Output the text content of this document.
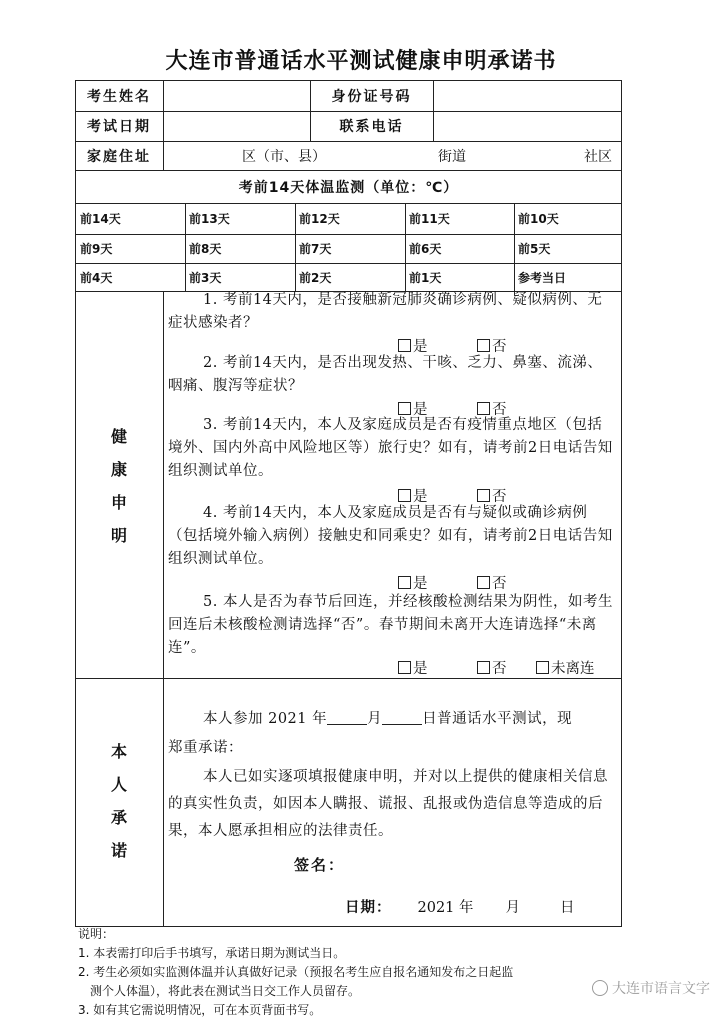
大连市普通话水平测试健康申明承诺书
考生姓名	身份证号码
考试日期	联系电话
家庭住址	区（市、县）	街道	社区
考前14天体温监测（单位：℃）
前14天	前13天	前12天	前11天	前10天
前9天	前8天	前7天	前6天	前5天
前4天	前3天	前2天	前1天	参考当日
健
康
申
明
1. 考前14天内，是否接触新冠肺炎确诊病例、疑似病例、无症状感染者？
是	否
2. 考前14天内，是否出现发热、干咳、乏力、鼻塞、流涕、咽痛、腹泻等症状？
是	否
3. 考前14天内，本人及家庭成员是否有疫情重点地区（包括境外、国内外高中风险地区等）旅行史？如有，请考前2日电话告知组织测试单位。
是	否
4. 考前14天内，本人及家庭成员是否有与疑似或确诊病例（包括境外输入病例）接触史和同乘史？如有，请考前2日电话告知组织测试单位。
是	否
5. 本人是否为春节后回连，并经核酸检测结果为阴性，如考生回连后未核酸检测请选择“否”。春节期间未离开大连请选择“未离连”。
是	否	未离连
本
人
承
诺
本人参加 2021 年	月	日普通话水平测试，现
郑重承诺：
本人已如实逐项填报健康申明，并对以上提供的健康相关信息的真实性负责，如因本人瞒报、谎报、乱报或伪造信息等造成的后果，本人愿承担相应的法律责任。
签名：
日期： 2021 年 月	日
说明：
1. 本表需打印后手书填写，承诺日期为测试当日。
2. 考生必须如实监测体温并认真做好记录（预报名考生应自报名通知发布之日起监
测个人体温），将此表在测试当日交工作人员留存。
3. 如有其它需说明情况，可在本页背面书写。
大连市语言文字
